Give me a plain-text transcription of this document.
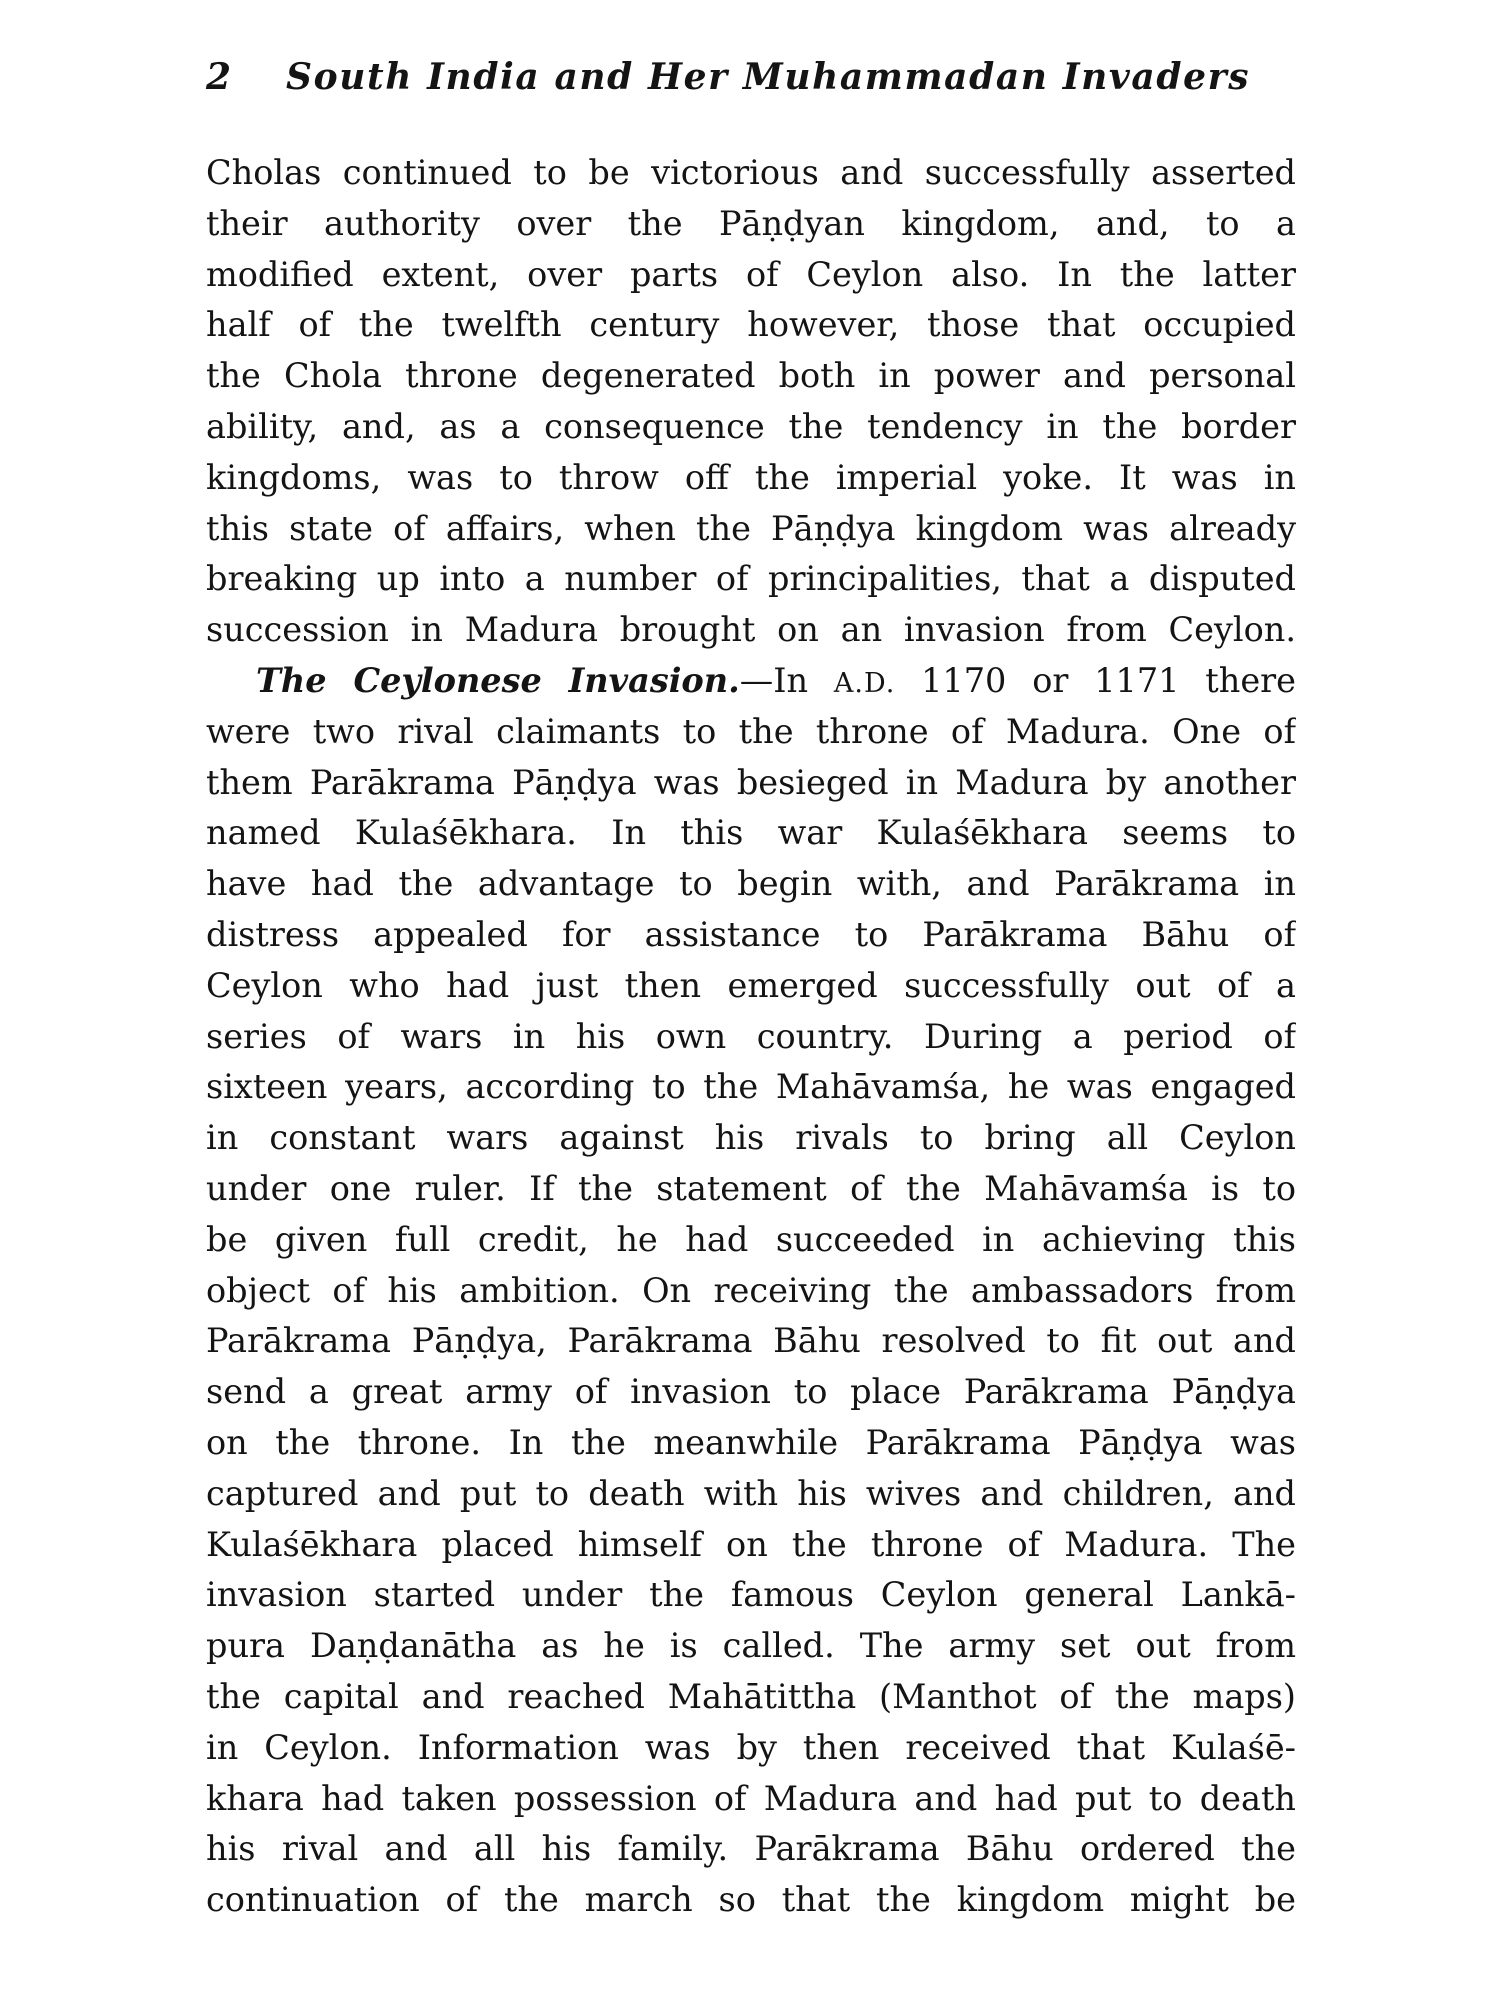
2	South India and Her Muhammadan Invaders
Cholas continued to be victorious and successfully asserted
their authority over the Pāṇḍyan kingdom, and, to a
modified extent, over parts of Ceylon also. In the latter
half of the twelfth century however, those that occupied
the Chola throne degenerated both in power and personal
ability, and, as a consequence the tendency in the border
kingdoms, was to throw off the imperial yoke. It was in
this state of affairs, when the Pāṇḍya kingdom was already
breaking up into a number of principalities, that a disputed
succession in Madura brought on an invasion from Ceylon.
The Ceylonese Invasion.—In A.D. 1170 or 1171 there
were two rival claimants to the throne of Madura. One of
them Parākrama Pāṇḍya was besieged in Madura by another
named Kulaśēkhara. In this war Kulaśēkhara seems to
have had the advantage to begin with, and Parākrama in
distress appealed for assistance to Parākrama Bāhu of
Ceylon who had just then emerged successfully out of a
series of wars in his own country. During a period of
sixteen years, according to the Mahāvamśa, he was engaged
in constant wars against his rivals to bring all Ceylon
under one ruler. If the statement of the Mahāvamśa is to
be given full credit, he had succeeded in achieving this
object of his ambition. On receiving the ambassadors from
Parākrama Pāṇḍya, Parākrama Bāhu resolved to fit out and
send a great army of invasion to place Parākrama Pāṇḍya
on the throne. In the meanwhile Parākrama Pāṇḍya was
captured and put to death with his wives and children, and
Kulaśēkhara placed himself on the throne of Madura. The
invasion started under the famous Ceylon general Lankā-
pura Daṇḍanātha as he is called. The army set out from
the capital and reached Mahātittha (Manthot of the maps)
in Ceylon. Information was by then received that Kulaśē-
khara had taken possession of Madura and had put to death
his rival and all his family. Parākrama Bāhu ordered the
continuation of the march so that the kingdom might be
